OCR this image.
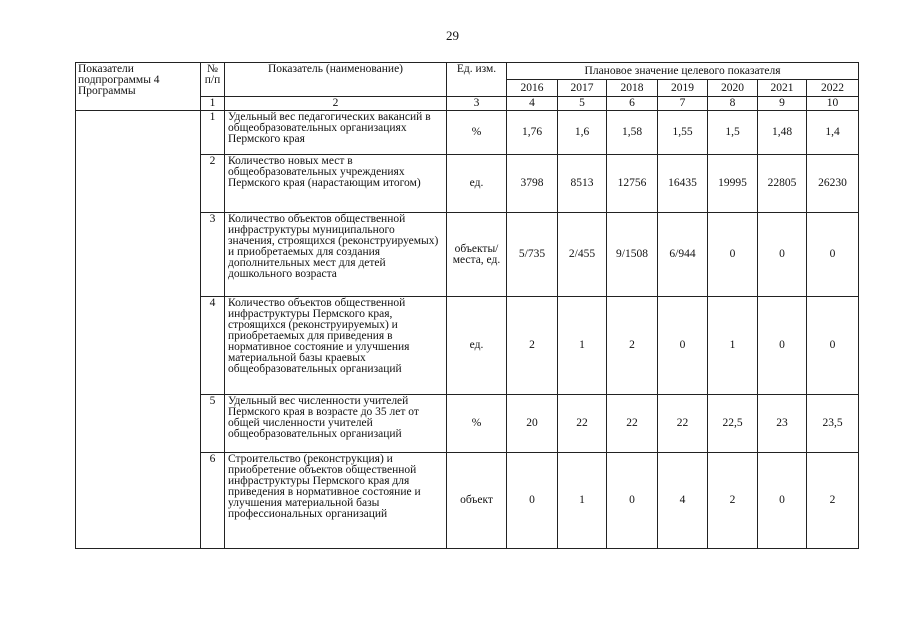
29
Показатели подпрограммы 4 Программы	№ п/п	Показатель (наименование)	Ед. изм.	Плановое значение целевого показателя						
				2016	2017	2018	2019	2020	2021	2022
	1	2	3	4	5	6	7	8	9	10
	1	Удельный вес педагогических вакансий в общеобразовательных организациях Пермского края	%	1,76	1,6	1,58	1,55	1,5	1,48	1,4
	2	Количество новых мест в общеобразовательных учреждениях Пермского края (нарастающим итогом)	ед.	3798	8513	12756	16435	19995	22805	26230
	3	Количество объектов общественной инфраструктуры муниципального значения, строящихся (реконструируемых) и приобретаемых для создания дополнительных мест для детей дошкольного возраста	объекты/ места, ед.	5/735	2/455	9/1508	6/944	0	0	0
	4	Количество объектов общественной инфраструктуры Пермского края, строящихся (реконструируемых) и приобретаемых для приведения в нормативное состояние и улучшения материальной базы краевых общеобразовательных организаций	ед.	2	1	2	0	1	0	0
	5	Удельный вес численности учителей Пермского края в возрасте до 35 лет от общей численности учителей общеобразовательных организаций	%	20	22	22	22	22,5	23	23,5
	6	Строительство (реконструкция) и приобретение объектов общественной инфраструктуры Пермского края для приведения в нормативное состояние и улучшения материальной базы профессиональных организаций	объект	0	1	0	4	2	0	2
